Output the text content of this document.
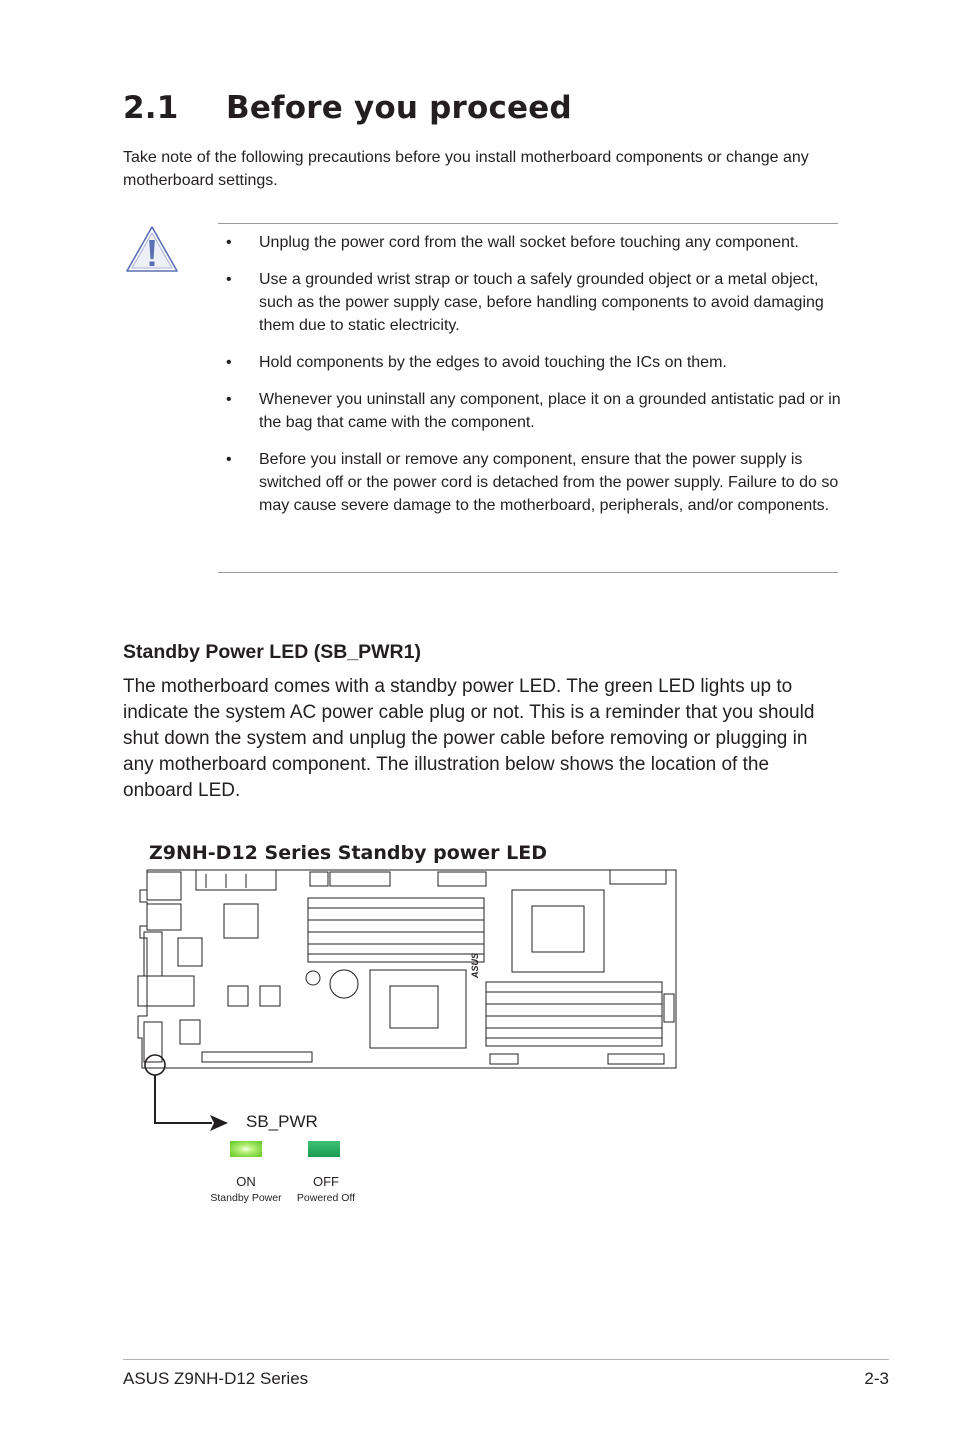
2.1 Before you proceed

Take note of the following precautions before you install motherboard components or change any motherboard settings.

• Unplug the power cord from the wall socket before touching any component.
• Use a grounded wrist strap or touch a safely grounded object or a metal object, such as the power supply case, before handling components to avoid damaging them due to static electricity.
• Hold components by the edges to avoid touching the ICs on them.
• Whenever you uninstall any component, place it on a grounded antistatic pad or in the bag that came with the component.
• Before you install or remove any component, ensure that the power supply is switched off or the power cord is detached from the power supply. Failure to do so may cause severe damage to the motherboard, peripherals, and/or components.
Standby Power LED (SB_PWR1)

The motherboard comes with a standby power LED. The green LED lights up to indicate the system AC power cable plug or not. This is a reminder that you should shut down the system and unplug the power cable before removing or plugging in any motherboard component. The illustration below shows the location of the onboard LED.

Z9NH-D12 Series Standby power LED
ASUS
SB_PWR
ON
Standby Power
OFF
Powered Off
ASUS Z9NH-D12 Series	2-3
